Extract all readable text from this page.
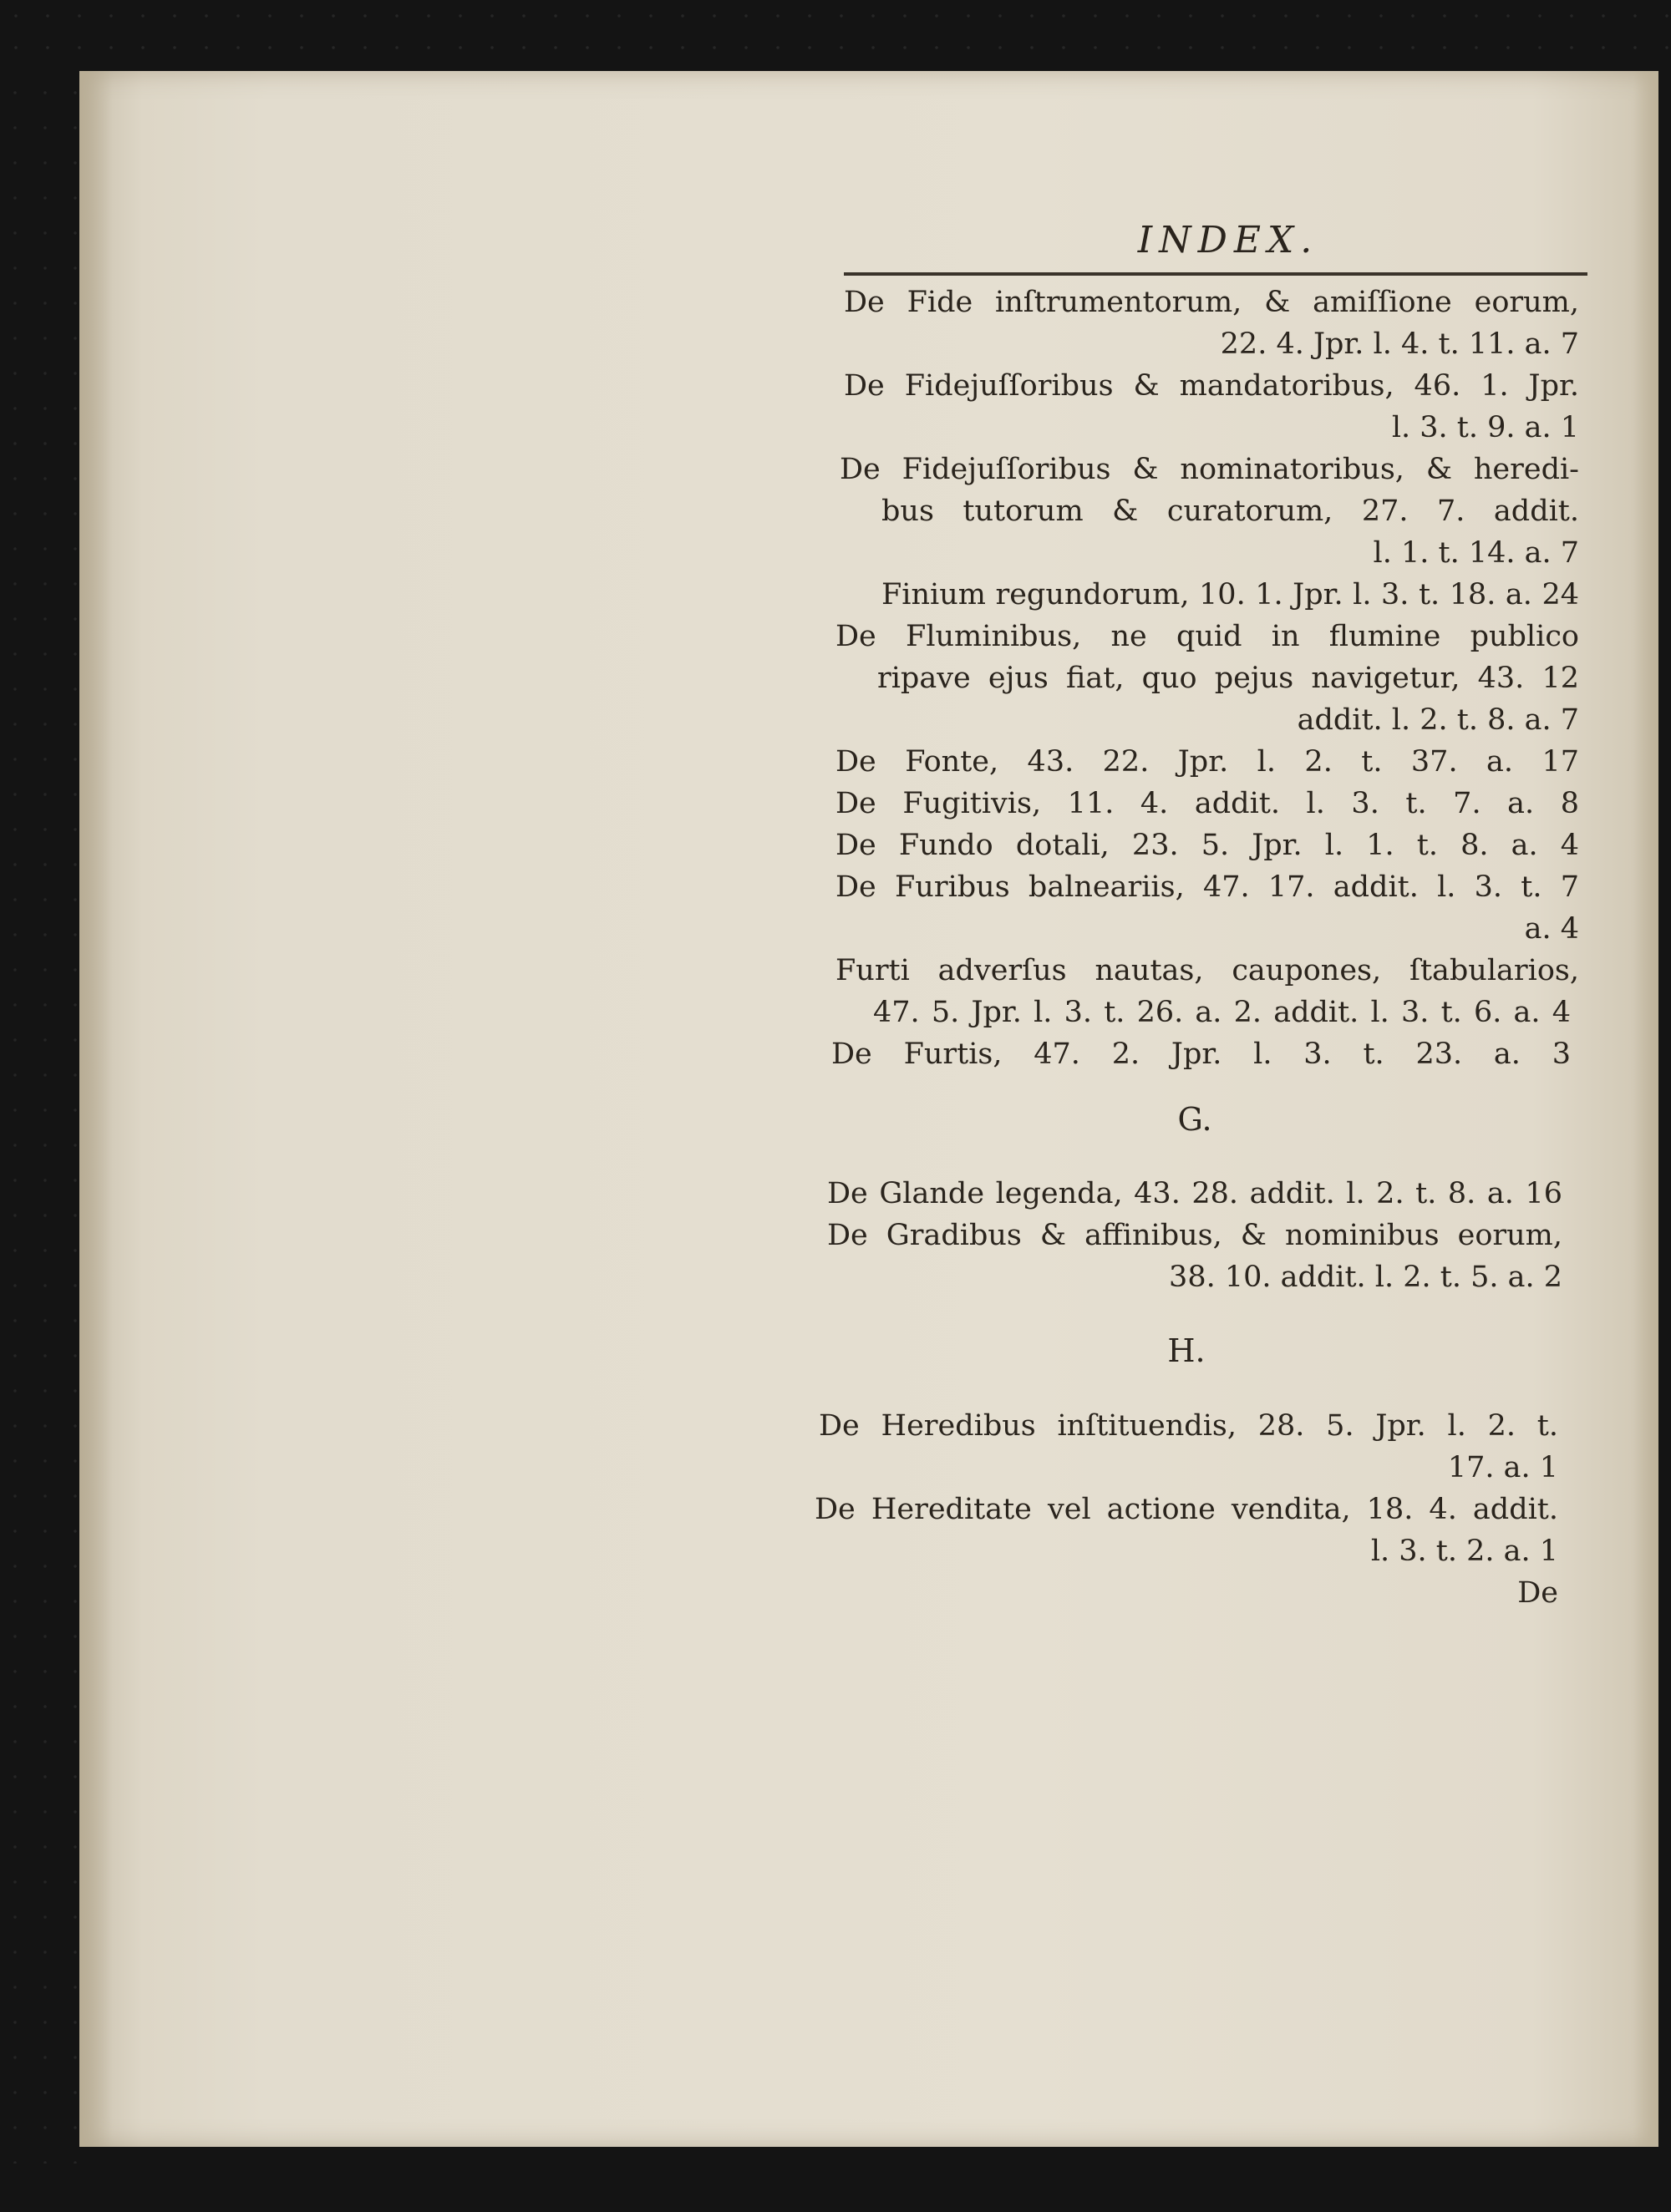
INDEX.
De Fide inſtrumentorum, & amiſſione eorum,
22. 4. Jpr. l. 4. t. 11. a. 7
De Fidejuſſoribus & mandatoribus, 46. 1. Jpr.
l. 3. t. 9. a. 1
De Fidejuſſoribus & nominatoribus, & heredi-
bus tutorum & curatorum, 27. 7. addit.
l. 1. t. 14. a. 7
Finium regundorum, 10. 1. Jpr. l. 3. t. 18. a. 24
De Fluminibus, ne quid in flumine publico
ripave ejus fiat, quo pejus navigetur, 43. 12
addit. l. 2. t. 8. a. 7
De Fonte, 43. 22. Jpr. l. 2. t. 37. a. 17
De Fugitivis, 11. 4. addit. l. 3. t. 7. a. 8
De Fundo dotali, 23. 5. Jpr. l. 1. t. 8. a. 4
De Furibus balneariis, 47. 17. addit. l. 3. t. 7
a. 4
Furti adverſus nautas, caupones, ſtabularios,
47. 5. Jpr. l. 3. t. 26. a. 2. addit. l. 3. t. 6. a. 4
De Furtis, 47. 2. Jpr. l. 3. t. 23. a. 3
G.
De Glande legenda, 43. 28. addit. l. 2. t. 8. a. 16
De Gradibus & affinibus, & nominibus eorum,
38. 10. addit. l. 2. t. 5. a. 2
H.
De Heredibus inſtituendis, 28. 5. Jpr. l. 2. t.
17. a. 1
De Hereditate vel actione vendita, 18. 4. addit.
l. 3. t. 2. a. 1
De
